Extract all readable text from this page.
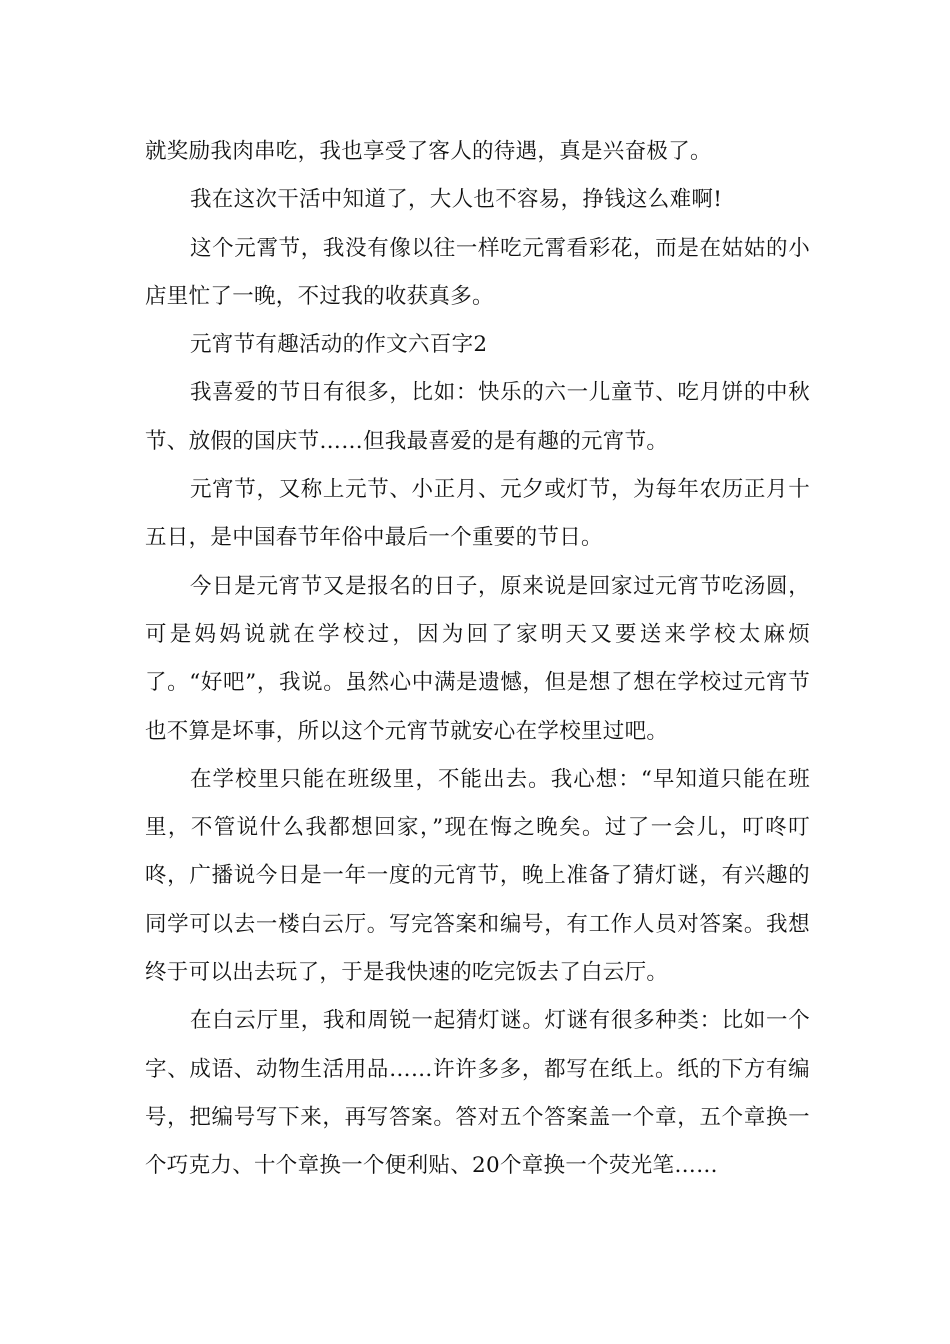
就奖励我肉串吃，我也享受了客人的待遇，真是兴奋极了。

我在这次干活中知道了，大人也不容易，挣钱这么难啊!

这个元霄节，我没有像以往一样吃元霄看彩花，而是在姑姑的小店里忙了一晚，不过我的收获真多。

元宵节有趣活动的作文六百字2

我喜爱的节日有很多，比如：快乐的六一儿童节、吃月饼的中秋节、放假的国庆节……但我最喜爱的是有趣的元宵节。

元宵节，又称上元节、小正月、元夕或灯节，为每年农历正月十五日，是中国春节年俗中最后一个重要的节日。

今日是元宵节又是报名的日子，原来说是回家过元宵节吃汤圆，可是妈妈说就在学校过，因为回了家明天又要送来学校太麻烦了。“好吧”，我说。虽然心中满是遗憾，但是想了想在学校过元宵节也不算是坏事，所以这个元宵节就安心在学校里过吧。

在学校里只能在班级里，不能出去。我心想：“早知道只能在班里，不管说什么我都想回家，”现在悔之晚矣。过了一会儿，叮咚叮咚，广播说今日是一年一度的元宵节，晚上准备了猜灯谜，有兴趣的同学可以去一楼白云厅。写完答案和编号，有工作人员对答案。我想终于可以出去玩了，于是我快速的吃完饭去了白云厅。

在白云厅里，我和周锐一起猜灯谜。灯谜有很多种类：比如一个字、成语、动物生活用品……许许多多，都写在纸上。纸的下方有编号，把编号写下来，再写答案。答对五个答案盖一个章，五个章换一个巧克力、十个章换一个便利贴、20个章换一个荧光笔……
